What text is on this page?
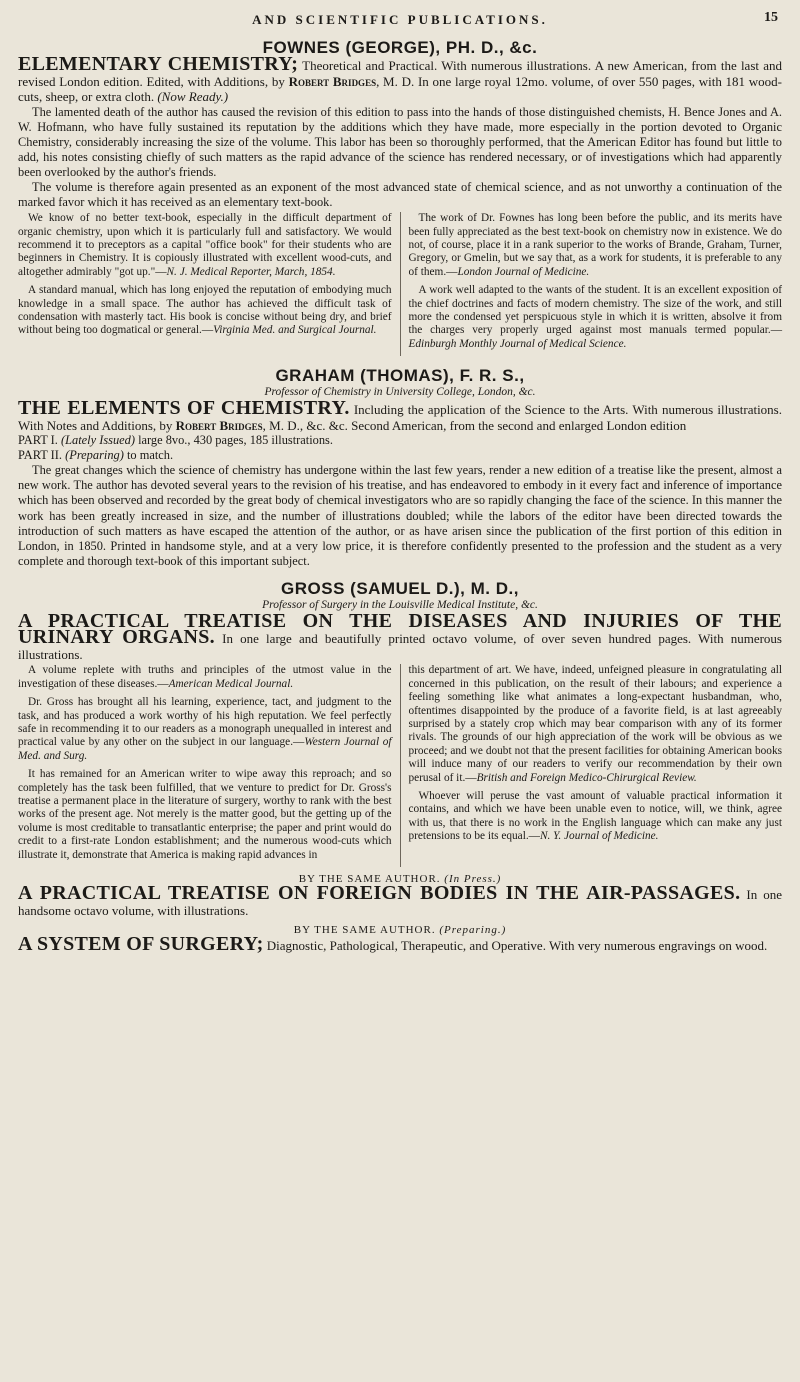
AND SCIENTIFIC PUBLICATIONS.	15
FOWNES (GEORGE), PH. D., &c.

ELEMENTARY CHEMISTRY; Theoretical and Practical. With numerous illustrations. A new American, from the last and revised London edition. Edited, with Additions, by Robert Bridges, M. D. In one large royal 12mo. volume, of over 550 pages, with 181 wood-cuts, sheep, or extra cloth. (Now Ready.)

The lamented death of the author has caused the revision of this edition to pass into the hands of those distinguished chemists, H. Bence Jones and A. W. Hofmann, who have fully sustained its reputation by the additions which they have made, more especially in the portion devoted to Organic Chemistry, considerably increasing the size of the volume. This labor has been so thoroughly performed, that the American Editor has found but little to add, his notes consisting chiefly of such matters as the rapid advance of the science has rendered necessary, or of investigations which had apparently been overlooked by the author's friends.

The volume is therefore again presented as an exponent of the most advanced state of chemical science, and as not unworthy a continuation of the marked favor which it has received as an elementary text-book.

We know of no better text-book, especially in the difficult department of organic chemistry, upon which it is particularly full and satisfactory. We would recommend it to preceptors as a capital "office book" for their students who are beginners in Chemistry. It is copiously illustrated with excellent wood-cuts, and altogether admirably "got up."—N. J. Medical Reporter, March, 1854.

A standard manual, which has long enjoyed the reputation of embodying much knowledge in a small space. The author has achieved the difficult task of condensation with masterly tact. His book is concise without being dry, and brief without being too dogmatical or general.—Virginia Med. and Surgical Journal.

The work of Dr. Fownes has long been before the public, and its merits have been fully appreciated as the best text-book on chemistry now in existence. We do not, of course, place it in a rank superior to the works of Brande, Graham, Turner, Gregory, or Gmelin, but we say that, as a work for students, it is preferable to any of them.—London Journal of Medicine.

A work well adapted to the wants of the student. It is an excellent exposition of the chief doctrines and facts of modern chemistry. The size of the work, and still more the condensed yet perspicuous style in which it is written, absolve it from the charges very properly urged against most manuals termed popular.—Edinburgh Monthly Journal of Medical Science.

GRAHAM (THOMAS), F. R. S.,
Professor of Chemistry in University College, London, &c.

THE ELEMENTS OF CHEMISTRY. Including the application of the Science to the Arts. With numerous illustrations. With Notes and Additions, by Robert Bridges, M. D., &c. &c. Second American, from the second and enlarged London edition

PART I. (Lately Issued) large 8vo., 430 pages, 185 illustrations.

PART II. (Preparing) to match.

The great changes which the science of chemistry has undergone within the last few years, render a new edition of a treatise like the present, almost a new work. The author has devoted several years to the revision of his treatise, and has endeavored to embody in it every fact and inference of importance which has been observed and recorded by the great body of chemical investigators who are so rapidly changing the face of the science. In this manner the work has been greatly increased in size, and the number of illustrations doubled; while the labors of the editor have been directed towards the introduction of such matters as have escaped the attention of the author, or as have arisen since the publication of the first portion of this edition in London, in 1850. Printed in handsome style, and at a very low price, it is therefore confidently presented to the profession and the student as a very complete and thorough text-book of this important subject.

GROSS (SAMUEL D.), M. D.,
Professor of Surgery in the Louisville Medical Institute, &c.

A PRACTICAL TREATISE ON THE DISEASES AND INJURIES OF THE URINARY ORGANS. In one large and beautifully printed octavo volume, of over seven hundred pages. With numerous illustrations.

A volume replete with truths and principles of the utmost value in the investigation of these diseases.—American Medical Journal.

Dr. Gross has brought all his learning, experience, tact, and judgment to the task, and has produced a work worthy of his high reputation. We feel perfectly safe in recommending it to our readers as a monograph unequalled in interest and practical value by any other on the subject in our language.—Western Journal of Med. and Surg.

It has remained for an American writer to wipe away this reproach; and so completely has the task been fulfilled, that we venture to predict for Dr. Gross's treatise a permanent place in the literature of surgery, worthy to rank with the best works of the present age. Not merely is the matter good, but the getting up of the volume is most creditable to transatlantic enterprise; the paper and print would do credit to a first-rate London establishment; and the numerous wood-cuts which illustrate it, demonstrate that America is making rapid advances in

this department of art. We have, indeed, unfeigned pleasure in congratulating all concerned in this publication, on the result of their labours; and experience a feeling something like what animates a long-expectant husbandman, who, oftentimes disappointed by the produce of a favorite field, is at last agreeably surprised by a stately crop which may bear comparison with any of its former rivals. The grounds of our high appreciation of the work will be obvious as we proceed; and we doubt not that the present facilities for obtaining American books will induce many of our readers to verify our recommendation by their own perusal of it.—British and Foreign Medico-Chirurgical Review.

Whoever will peruse the vast amount of valuable practical information it contains, and which we have been unable even to notice, will, we think, agree with us, that there is no work in the English language which can make any just pretensions to be its equal.—N. Y. Journal of Medicine.

BY THE SAME AUTHOR. (In Press.)

A PRACTICAL TREATISE ON FOREIGN BODIES IN THE AIR-PASSAGES. In one handsome octavo volume, with illustrations.

BY THE SAME AUTHOR. (Preparing.)

A SYSTEM OF SURGERY; Diagnostic, Pathological, Therapeutic, and Operative. With very numerous engravings on wood.
